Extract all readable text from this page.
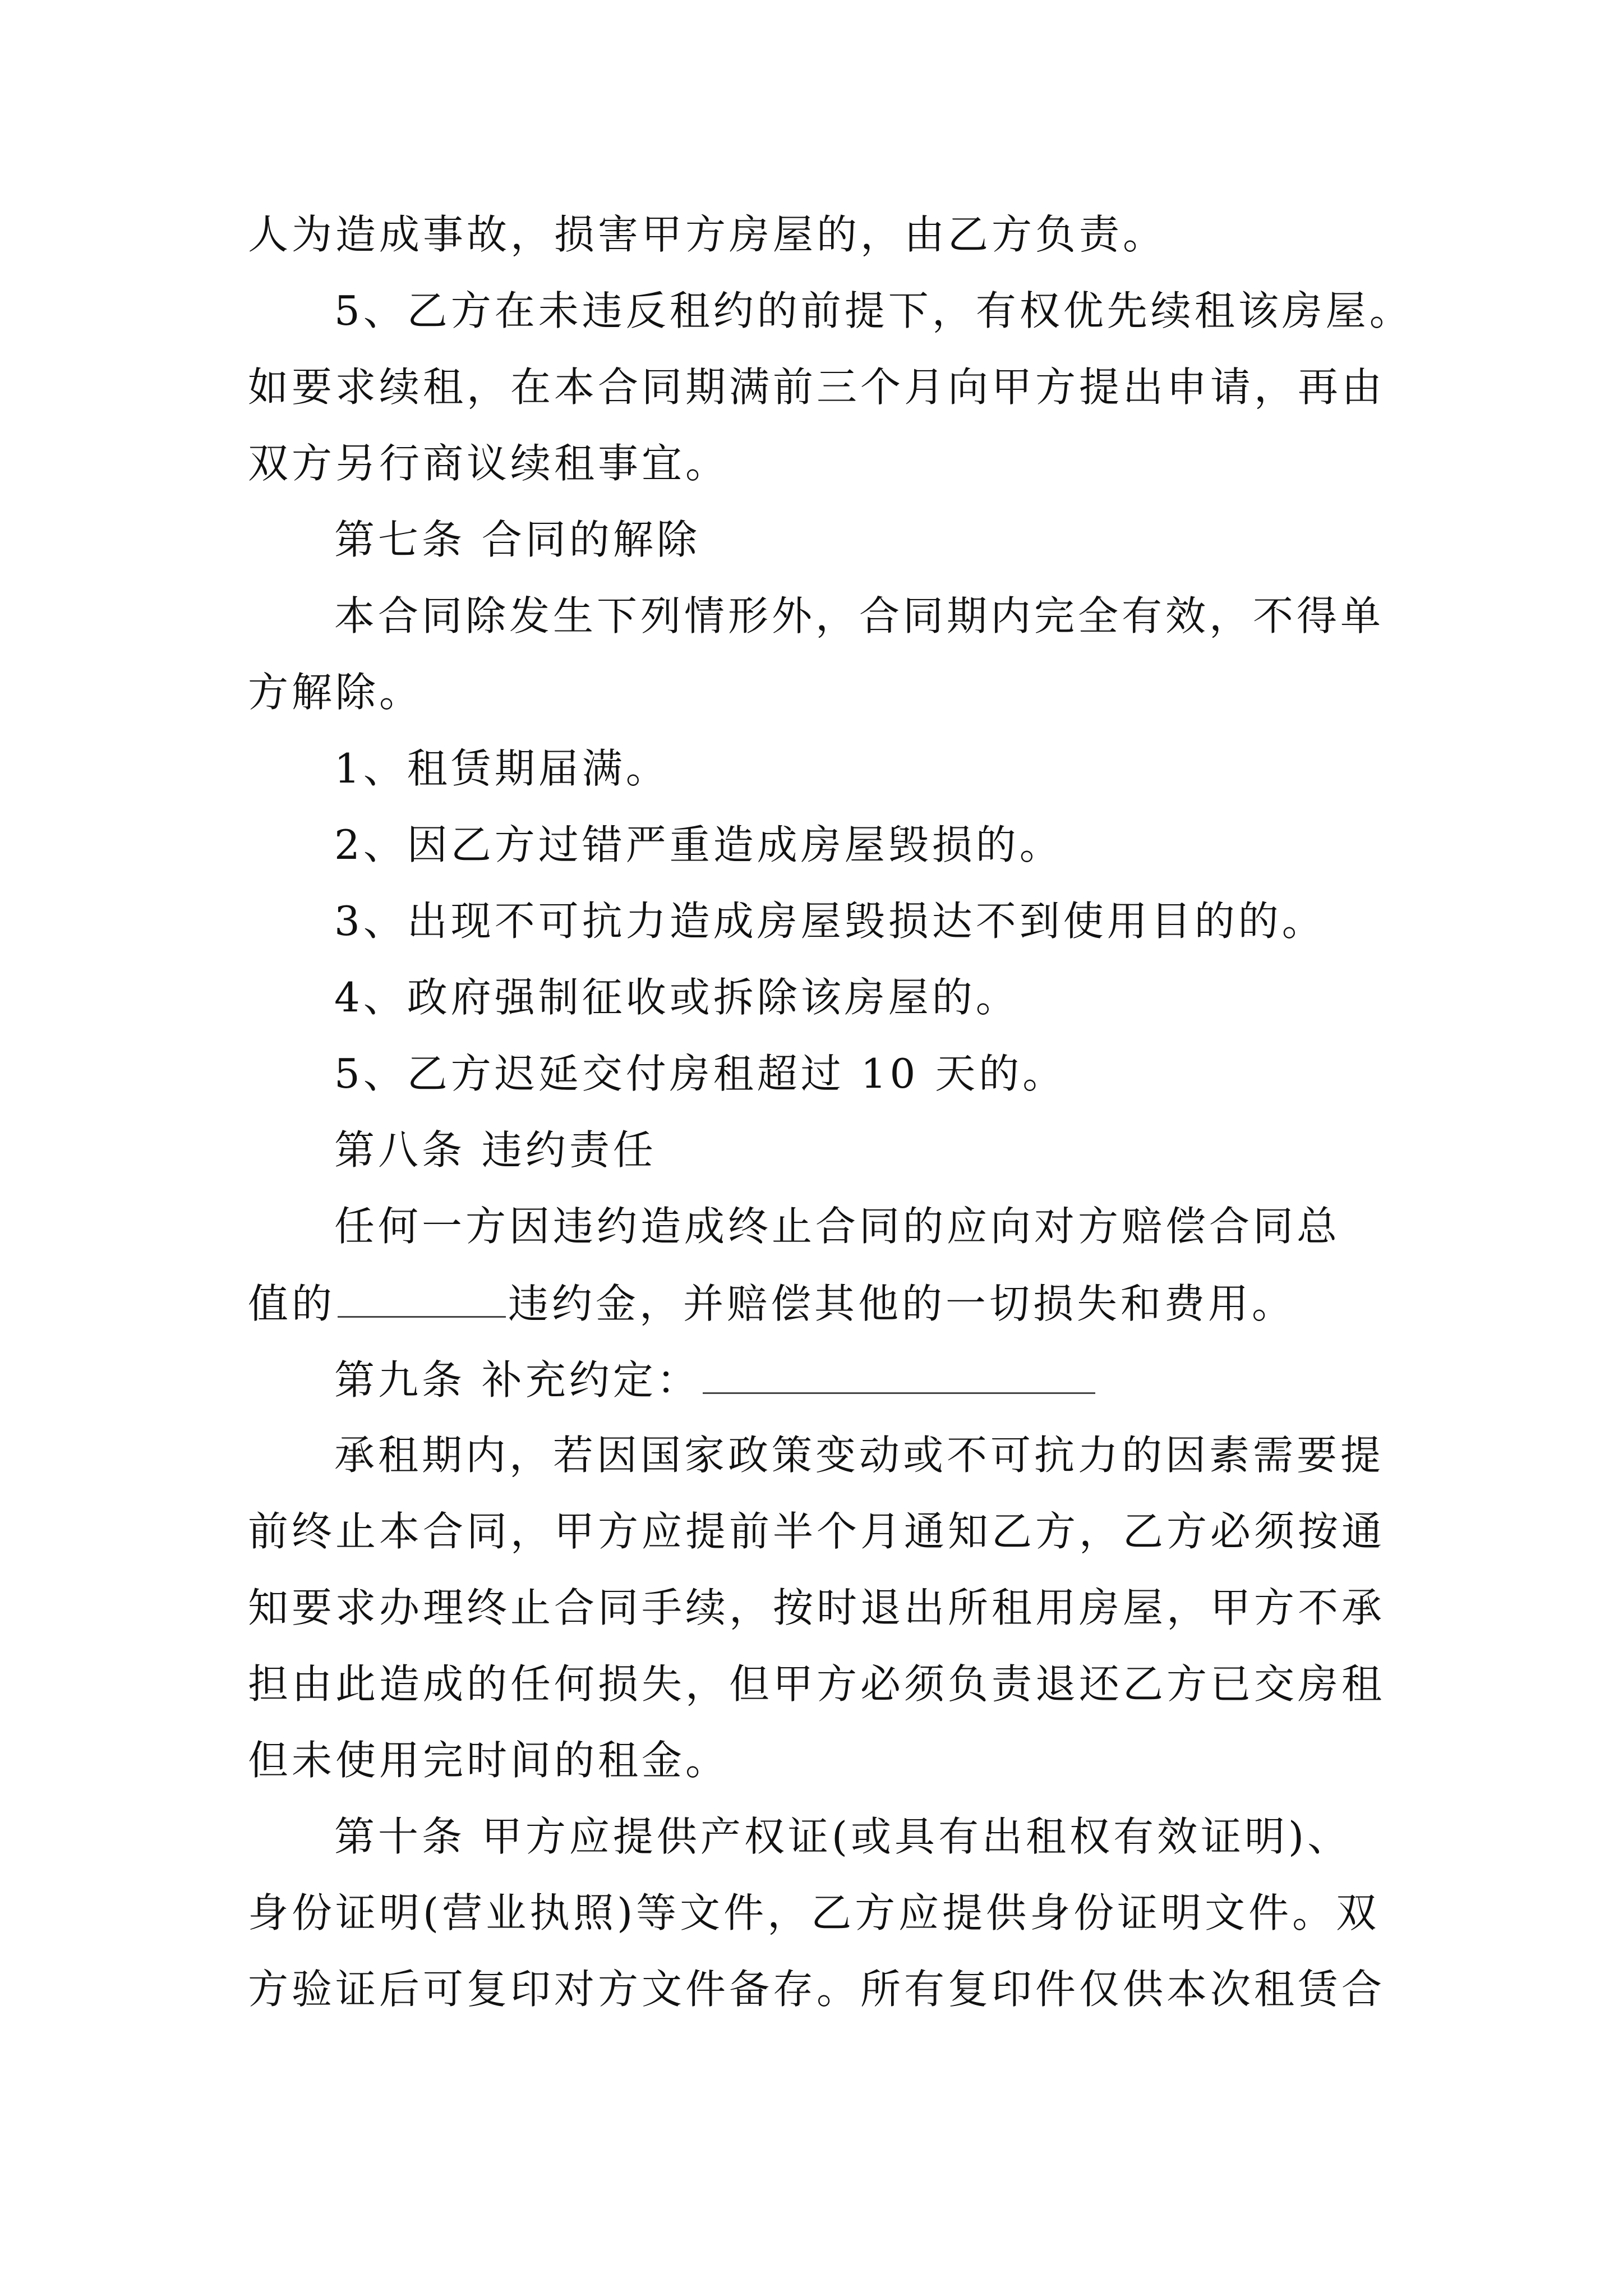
人为造成事故，损害甲方房屋的，由乙方负责。
5、乙方在未违反租约的前提下，有权优先续租该房屋。
如要求续租，在本合同期满前三个月向甲方提出申请，再由
双方另行商议续租事宜。
第七条 合同的解除
本合同除发生下列情形外，合同期内完全有效，不得单
方解除。
1、租赁期届满。
2、因乙方过错严重造成房屋毁损的。
3、出现不可抗力造成房屋毁损达不到使用目的的。
4、政府强制征收或拆除该房屋的。
5、乙方迟延交付房租超过 10 天的。
第八条 违约责任
任何一方因违约造成终止合同的应向对方赔偿合同总
值的	违约金，并赔偿其他的一切损失和费用。
第九条 补充约定：
承租期内，若因国家政策变动或不可抗力的因素需要提
前终止本合同，甲方应提前半个月通知乙方，乙方必须按通
知要求办理终止合同手续，按时退出所租用房屋，甲方不承
担由此造成的任何损失，但甲方必须负责退还乙方已交房租
但未使用完时间的租金。
第十条 甲方应提供产权证(或具有出租权有效证明)、
身份证明(营业执照)等文件，乙方应提供身份证明文件。双
方验证后可复印对方文件备存。所有复印件仅供本次租赁合
